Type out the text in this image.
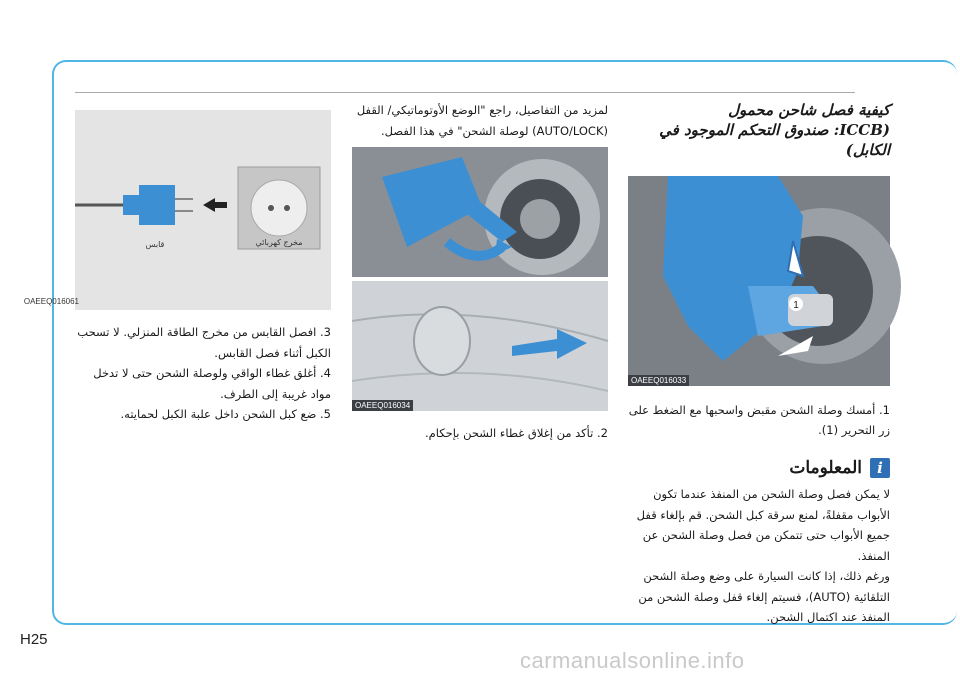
كيفية فصل شاحن محمول
(ICCB: صندوق التحكم الموجود في الكابل)

1
OAEEQ016033

1. أمسك وصلة الشحن مقبض واسحبها مع الضغط على زر التحرير (1).

i
المعلومات

لا يمكن فصل وصلة الشحن من المنفذ عندما تكون الأبواب مقفلةً، لمنع سرقة كبل الشحن. قم بإلغاء قفل جميع الأبواب حتى تتمكن من فصل وصلة الشحن عن المنفذ.

ورغم ذلك، إذا كانت السيارة على وضع وصلة الشحن التلقائية (AUTO)، فسيتم إلغاء قفل وصلة الشحن من المنفذ عند اكتمال الشحن.

لمزيد من التفاصيل، راجع "الوضع الأوتوماتيكي/ القفل (AUTO/LOCK) لوصلة الشحن" في هذا الفصل.

OAEEQ016034

2. تأكد من إغلاق غطاء الشحن بإحكام.

مخرج كهربائي
قابس
OAEEQ016061

3. افصل القابس من مخرج الطاقة المنزلي. لا تسحب الكبل أثناء فصل القابس.

4. أغلق غطاء الواقي ولوصلة الشحن حتى لا تدخل مواد غريبة إلى الطرف.

5. ضع كبل الشحن داخل علبة الكبل لحمايته.

H25
carmanualsonline.info
